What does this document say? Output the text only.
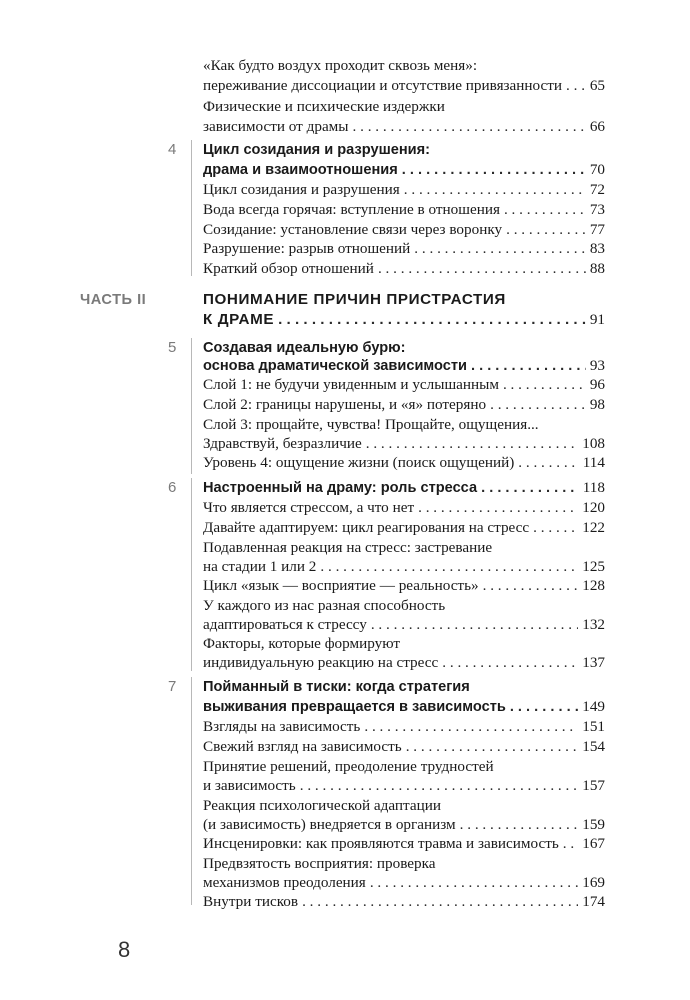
«Как будто воздух проходит сквозь меня»:
переживание диссоциации и отсутствие привязанности . . . 65
Физические и психические издержки
зависимости от драмы . . .	66
4	Цикл созидания и разрушения:
драма и взаимоотношения . . .	70
Цикл созидания и разрушения . . .	72
Вода всегда горячая: вступление в отношения . . .	73
Созидание: установление связи через воронку . . .	77
Разрушение: разрыв отношений . . .	83
Краткий обзор отношений . . .	88
ЧАСТЬ II	ПОНИМАНИЕ ПРИЧИН ПРИСТРАСТИЯ
К ДРАМЕ . . .	91
5	Создавая идеальную бурю:
основа драматической зависимости . . .	93
Слой 1: не будучи увиденным и услышанным . . .	96
Слой 2: границы нарушены, и «я» потеряно . . .	98
Слой 3: прощайте, чувства! Прощайте, ощущения...
Здравствуй, безразличие . . .	108
Уровень 4: ощущение жизни (поиск ощущений) . . .	114
6	Настроенный на драму: роль стресса . . .	118
Что является стрессом, а что нет . . .	120
Давайте адаптируем: цикл реагирования на стресс . . .	122
Подавленная реакция на стресс: застревание
на стадии 1 или 2 . . .	125
Цикл «язык — восприятие — реальность» . . .	128
У каждого из нас разная способность
адаптироваться к стрессу . . .	132
Факторы, которые формируют
индивидуальную реакцию на стресс . . .	137
7	Пойманный в тиски: когда стратегия
выживания превращается в зависимость . . .	149
Взгляды на зависимость . . .	151
Свежий взгляд на зависимость . . .	154
Принятие решений, преодоление трудностей
и зависимость . . .	157
Реакция психологической адаптации
(и зависимость) внедряется в организм . . .	159
Инсценировки: как проявляются травма и зависимость . . . 167
Предвзятость восприятия: проверка
механизмов преодоления . . .	169
Внутри тисков . . .	174
8
